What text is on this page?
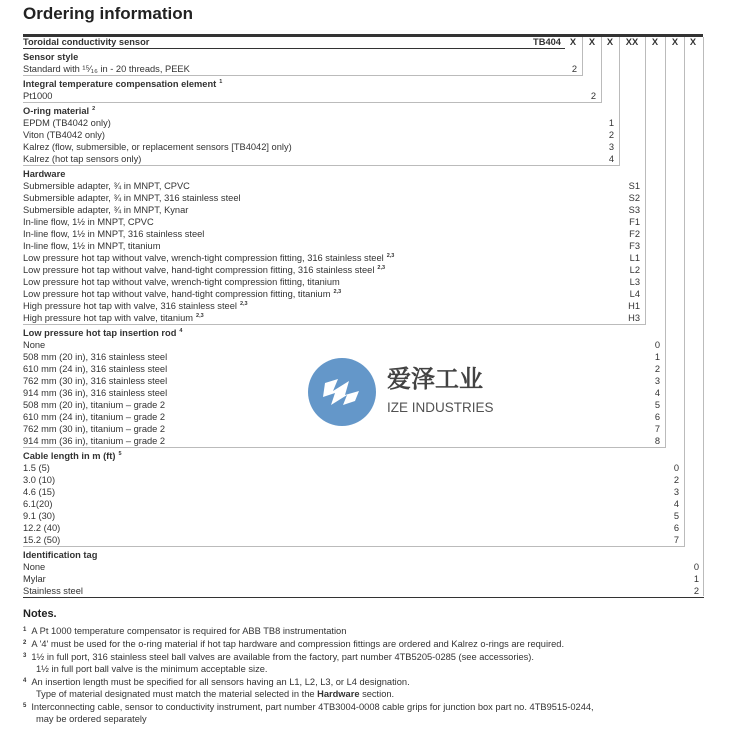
Ordering information
Toroidal conductivity sensor	TB404 X	X	X	XX	X	X	X
Sensor style
Standard with ¹⁵⁄₁₆ in - 20 threads, PEEK	2
Integral temperature compensation element $^1$
Pt1000	2
O-ring material $^2$
EPDM (TB4042 only)	1
Viton (TB4042 only)	2
Kalrez (flow, submersible, or replacement sensors [TB4042] only)	3
Kalrez (hot tap sensors only)	4
Hardware
Submersible adapter, ¾ in MNPT, CPVC	S1
Submersible adapter, ¾ in MNPT, 316 stainless steel	S2
Submersible adapter, ¾ in MNPT, Kynar	S3
In-line flow, 1½ in MNPT, CPVC	F1
In-line flow, 1½ in MNPT, 316 stainless steel	F2
In-line flow, 1½ in MNPT, titanium	F3
Low pressure hot tap without valve, wrench-tight compression fitting, 316 stainless steel $^{2,3}$	L1
Low pressure hot tap without valve, hand-tight compression fitting, 316 stainless steel $^{2,3}$	L2
Low pressure hot tap without valve, wrench-tight compression fitting, titanium	L3
Low pressure hot tap without valve, hand-tight compression fitting, titanium $^{2,3}$	L4
High pressure hot tap with valve, 316 stainless steel $^{2,3}$	H1
High pressure hot tap with valve, titanium $^{2,3}$	H3
Low pressure hot tap insertion rod $^4$
None	0
508 mm (20 in), 316 stainless steel	1
610 mm (24 in), 316 stainless steel	2
762 mm (30 in), 316 stainless steel	3
914 mm (36 in), 316 stainless steel	4
508 mm (20 in), titanium – grade 2	5
610 mm (24 in), titanium – grade 2	6
762 mm (30 in), titanium – grade 2	7
914 mm (36 in), titanium – grade 2	8
Cable length in m (ft) $^5$
1.5 (5)	0
3.0 (10)	2
4.6 (15)	3
6.1(20)	4
9.1 (30)	5
12.2 (40)	6
15.2 (50)	7
Identification tag
None	0
Mylar	1
Stainless steel	2
爱泽工业
IZE INDUSTRIES
Notes.
$^1$ A Pt 1000 temperature compensator is required for ABB TB8 instrumentation
$^2$ A '4' must be used for the o-ring material if hot tap hardware and compression fittings are ordered and Kalrez o-rings are required.
$^3$ 1½ in full port, 316 stainless steel ball valves are available from the factory, part number 4TB5205-0285 (see accessories).
1½ in full port ball valve is the minimum acceptable size.
$^4$ An insertion length must be specified for all sensors having an L1, L2, L3, or L4 designation.
Type of material designated must match the material selected in the Hardware section.
$^5$ Interconnecting cable, sensor to conductivity instrument, part number 4TB3004-0008 cable grips for junction box part no. 4TB9515-0244,
may be ordered separately
